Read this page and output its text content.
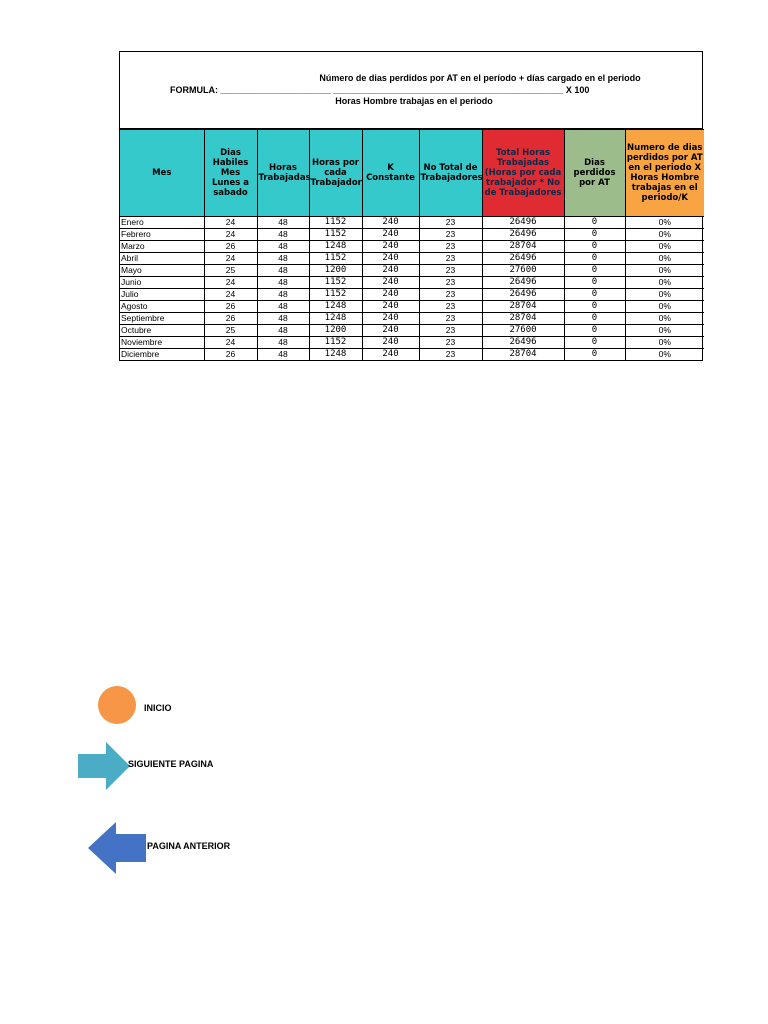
Número de dias perdidos por AT en el período + días cargado en el periodo
FORMULA: ______________________ ______________________________________________ X 100
Horas Hombre trabajas en el periodo
Mes	Dias Habiles Mes Lunes a sabado	Horas Trabajadas	Horas por cada Trabajador	K Constante	No Total de Trabajadores	Total Horas Trabajadas (Horas por cada trabajador * No de Trabajadores	Dias perdidos por AT	Numero de dias perdidos por AT en el periodo X Horas Hombre trabajas en el periodo/K
Enero	24	48	1152	240	23	26496	0	0%
Febrero	24	48	1152	240	23	26496	0	0%
Marzo	26	48	1248	240	23	28704	0	0%
Abril	24	48	1152	240	23	26496	0	0%
Mayo	25	48	1200	240	23	27600	0	0%
Junio	24	48	1152	240	23	26496	0	0%
Julio	24	48	1152	240	23	26496	0	0%
Agosto	26	48	1248	240	23	28704	0	0%
Septiembre	26	48	1248	240	23	28704	0	0%
Octubre	25	48	1200	240	23	27600	0	0%
Noviembre	24	48	1152	240	23	26496	0	0%
Diciembre	26	48	1248	240	23	28704	0	0%
INICIO
SIGUIENTE PAGINA
PAGINA ANTERIOR
